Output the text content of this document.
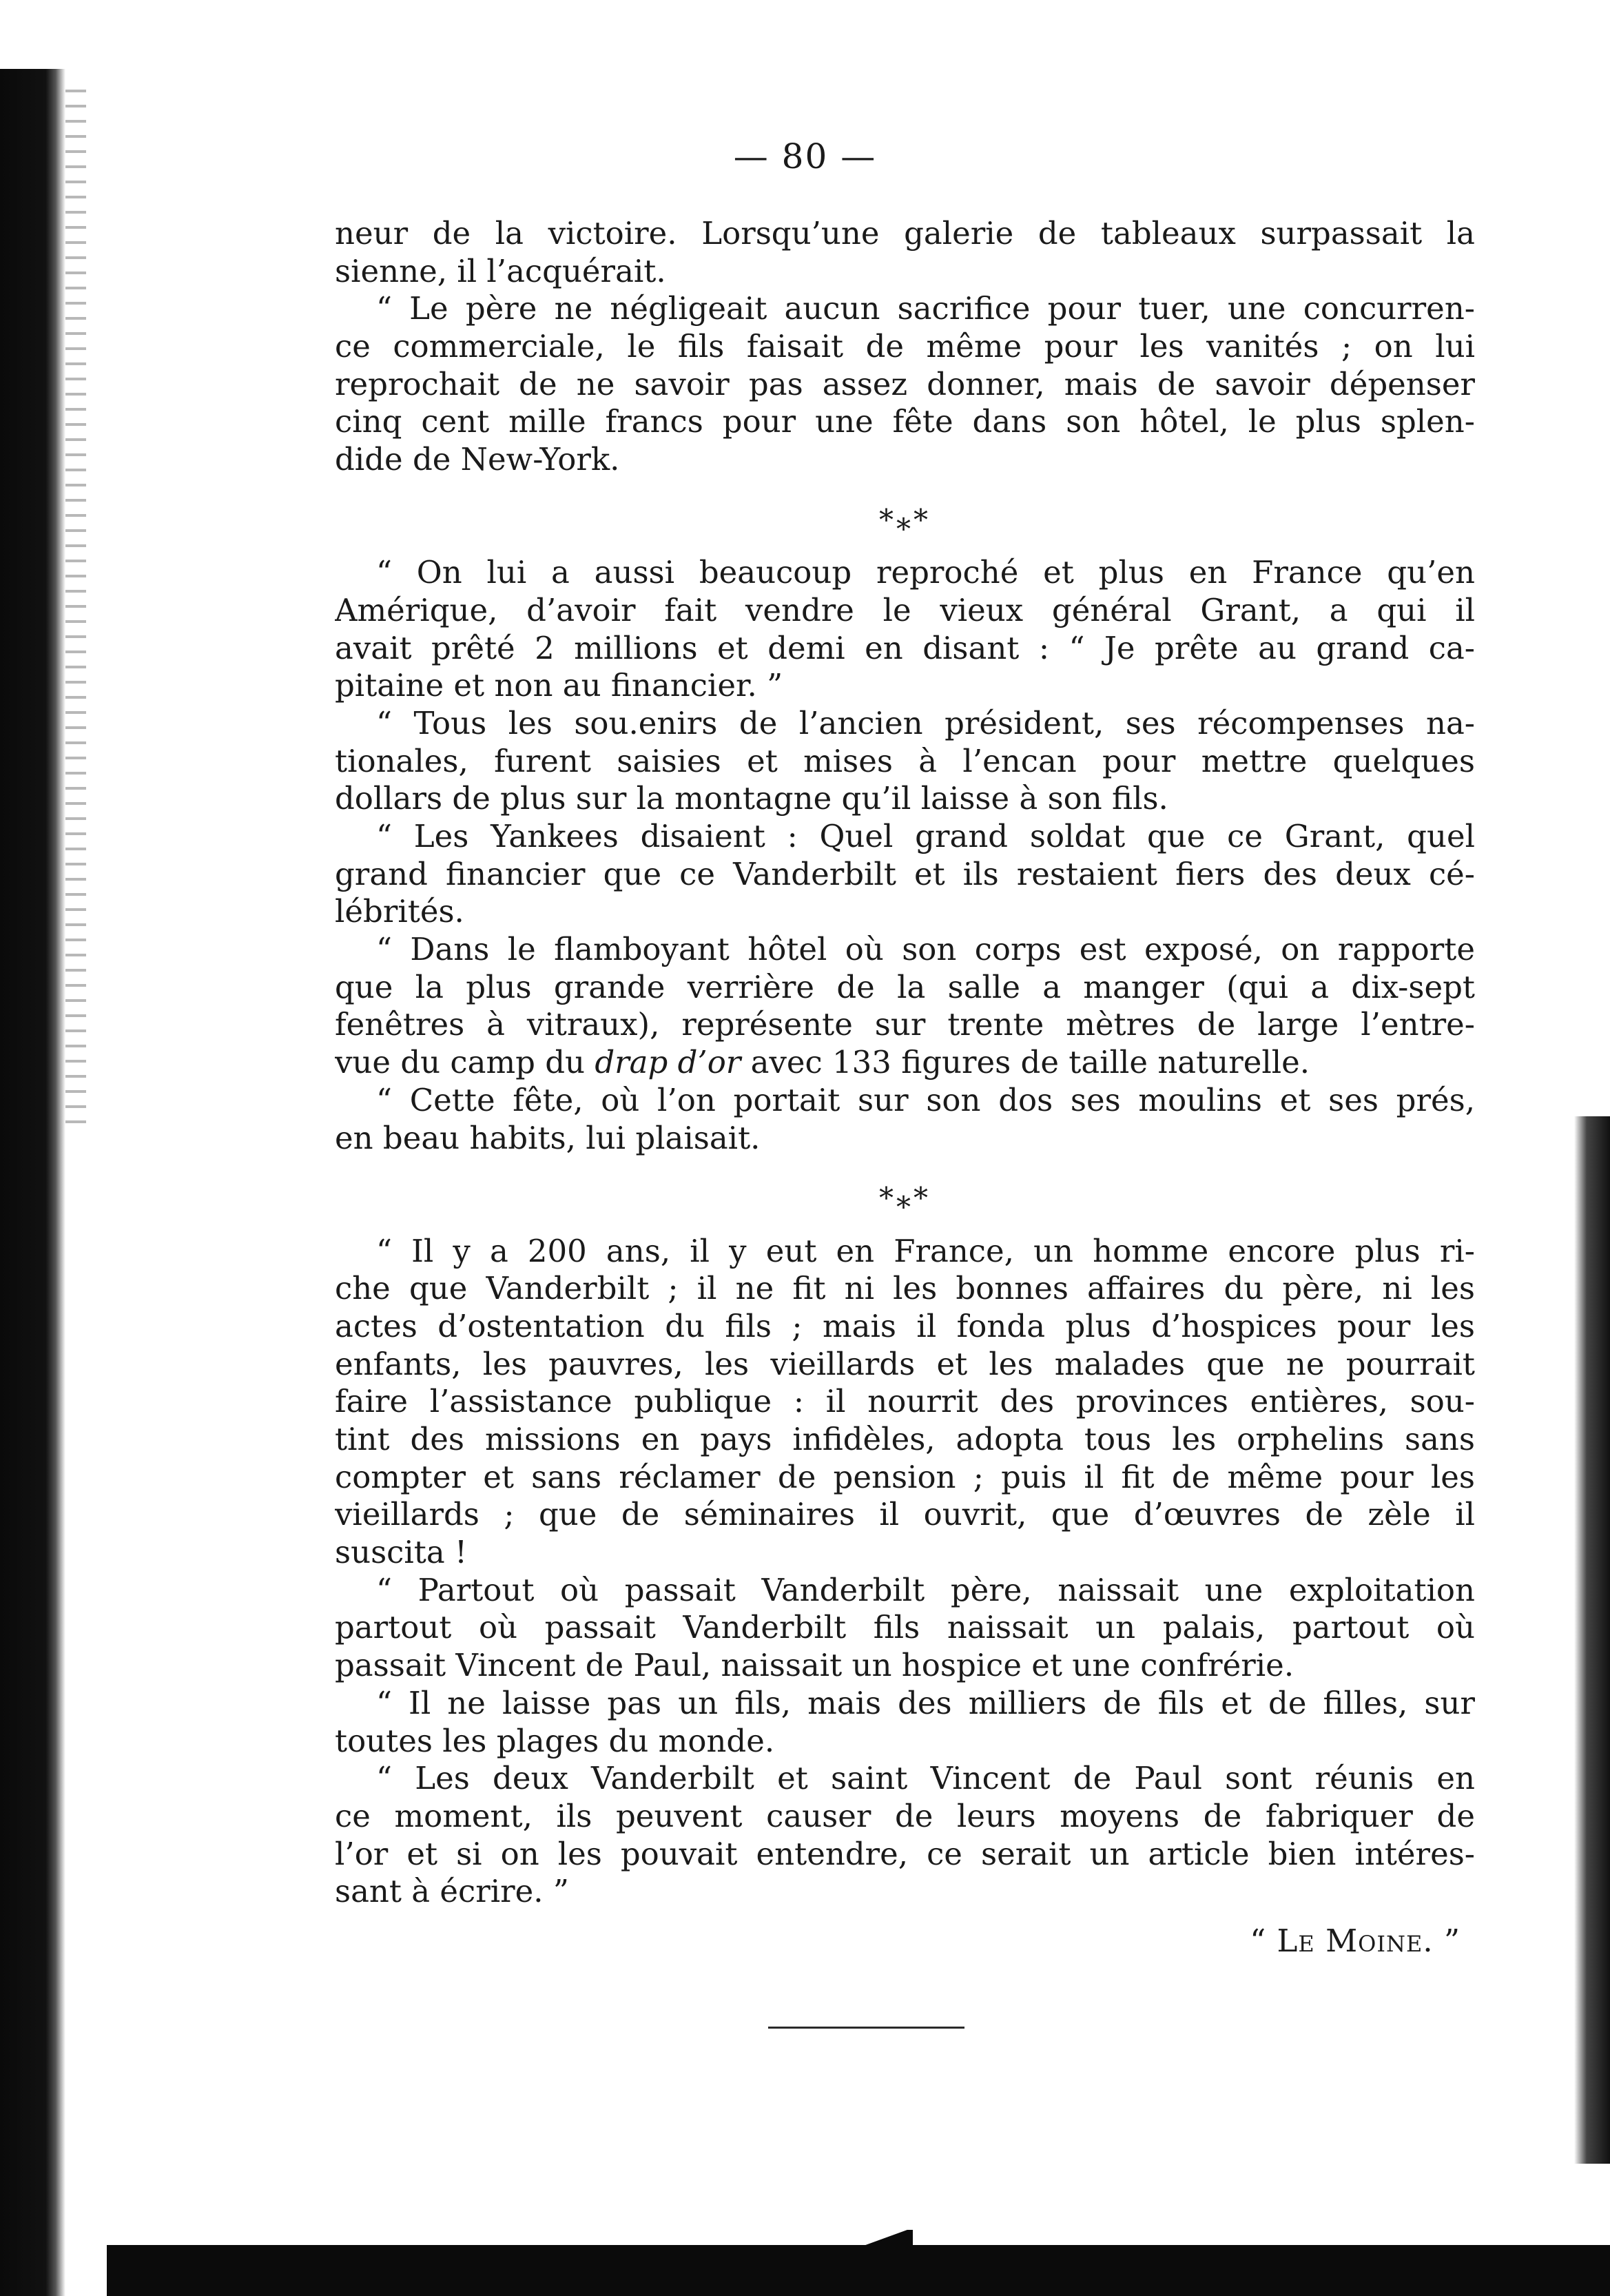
— 80 —
neur de la victoire. Lorsqu’une galerie de tableaux surpassait la
sienne, il l’acquérait.
“ Le père ne négligeait aucun sacrifice pour tuer, une concurren-
ce commerciale, le fils faisait de même pour les vanités ; on lui
reprochait de ne savoir pas assez donner, mais de savoir dépenser
cinq cent mille francs pour une fête dans son hôtel, le plus splen-
dide de New-York.
*⁎*
“ On lui a aussi beaucoup reproché et plus en France qu’en
Amérique, d’avoir fait vendre le vieux général Grant, a qui il
avait prêté 2 millions et demi en disant : “ Je prête au grand ca-
pitaine et non au financier. ”
“ Tous les sou.enirs de l’ancien président, ses récompenses na-
tionales, furent saisies et mises à l’encan pour mettre quelques
dollars de plus sur la montagne qu’il laisse à son fils.
“ Les Yankees disaient : Quel grand soldat que ce Grant, quel
grand financier que ce Vanderbilt et ils restaient fiers des deux cé-
lébrités.
“ Dans le flamboyant hôtel où son corps est exposé, on rapporte
que la plus grande verrière de la salle a manger (qui a dix-sept
fenêtres à vitraux), représente sur trente mètres de large l’entre-
vue du camp du drap d’or avec 133 figures de taille naturelle.
“ Cette fête, où l’on portait sur son dos ses moulins et ses prés,
en beau habits, lui plaisait.
*⁎*
“ Il y a 200 ans, il y eut en France, un homme encore plus ri-
che que Vanderbilt ; il ne fit ni les bonnes affaires du père, ni les
actes d’ostentation du fils ; mais il fonda plus d’hospices pour les
enfants, les pauvres, les vieillards et les malades que ne pourrait
faire l’assistance publique : il nourrit des provinces entières, sou-
tint des missions en pays infidèles, adopta tous les orphelins sans
compter et sans réclamer de pension ; puis il fit de même pour les
vieillards ; que de séminaires il ouvrit, que d’œuvres de zèle il
suscita !
“ Partout où passait Vanderbilt père, naissait une exploitation
partout où passait Vanderbilt fils naissait un palais, partout où
passait Vincent de Paul, naissait un hospice et une confrérie.
“ Il ne laisse pas un fils, mais des milliers de fils et de filles, sur
toutes les plages du monde.
“ Les deux Vanderbilt et saint Vincent de Paul sont réunis en
ce moment, ils peuvent causer de leurs moyens de fabriquer de
l’or et si on les pouvait entendre, ce serait un article bien intéres-
sant à écrire. ”
“ Le Moine. ”
